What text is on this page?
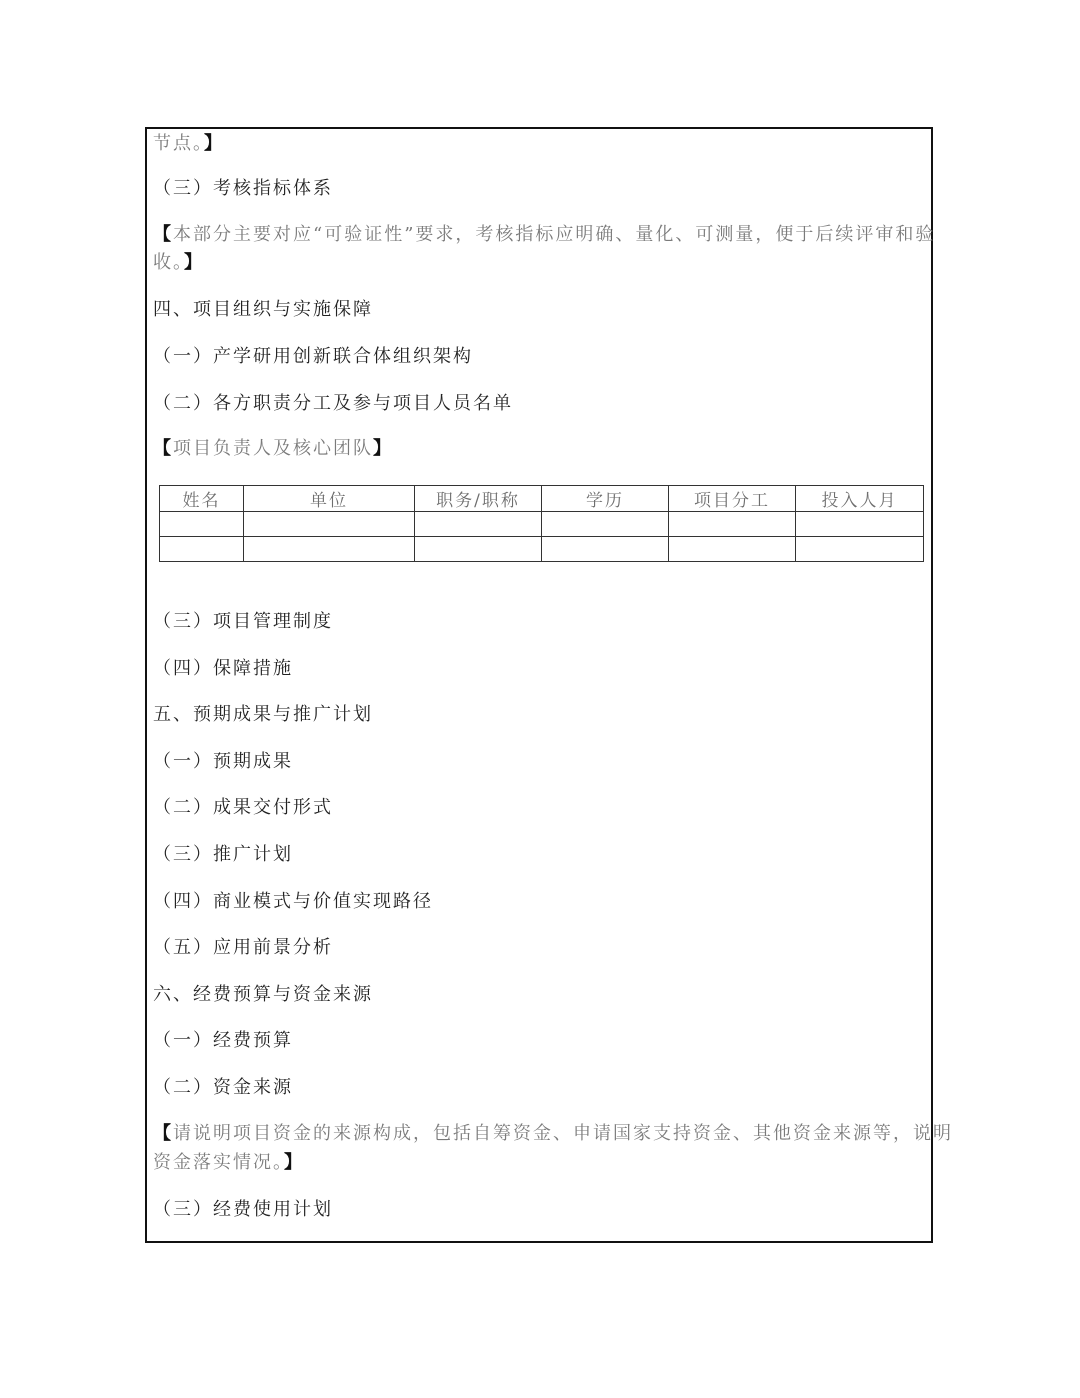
节点。】
（三）考核指标体系
【本部分主要对应“可验证性”要求，考核指标应明确、量化、可测量，便于后续评审和验
收。】
四、项目组织与实施保障
（一）产学研用创新联合体组织架构
（二）各方职责分工及参与项目人员名单
【项目负责人及核心团队】
姓名	单位	职务/职称	学历	项目分工	投入人月

（三）项目管理制度
（四）保障措施
五、预期成果与推广计划
（一）预期成果
（二）成果交付形式
（三）推广计划
（四）商业模式与价值实现路径
（五）应用前景分析
六、经费预算与资金来源
（一）经费预算
（二）资金来源
【请说明项目资金的来源构成，包括自筹资金、申请国家支持资金、其他资金来源等，说明
资金落实情况。】
（三）经费使用计划
